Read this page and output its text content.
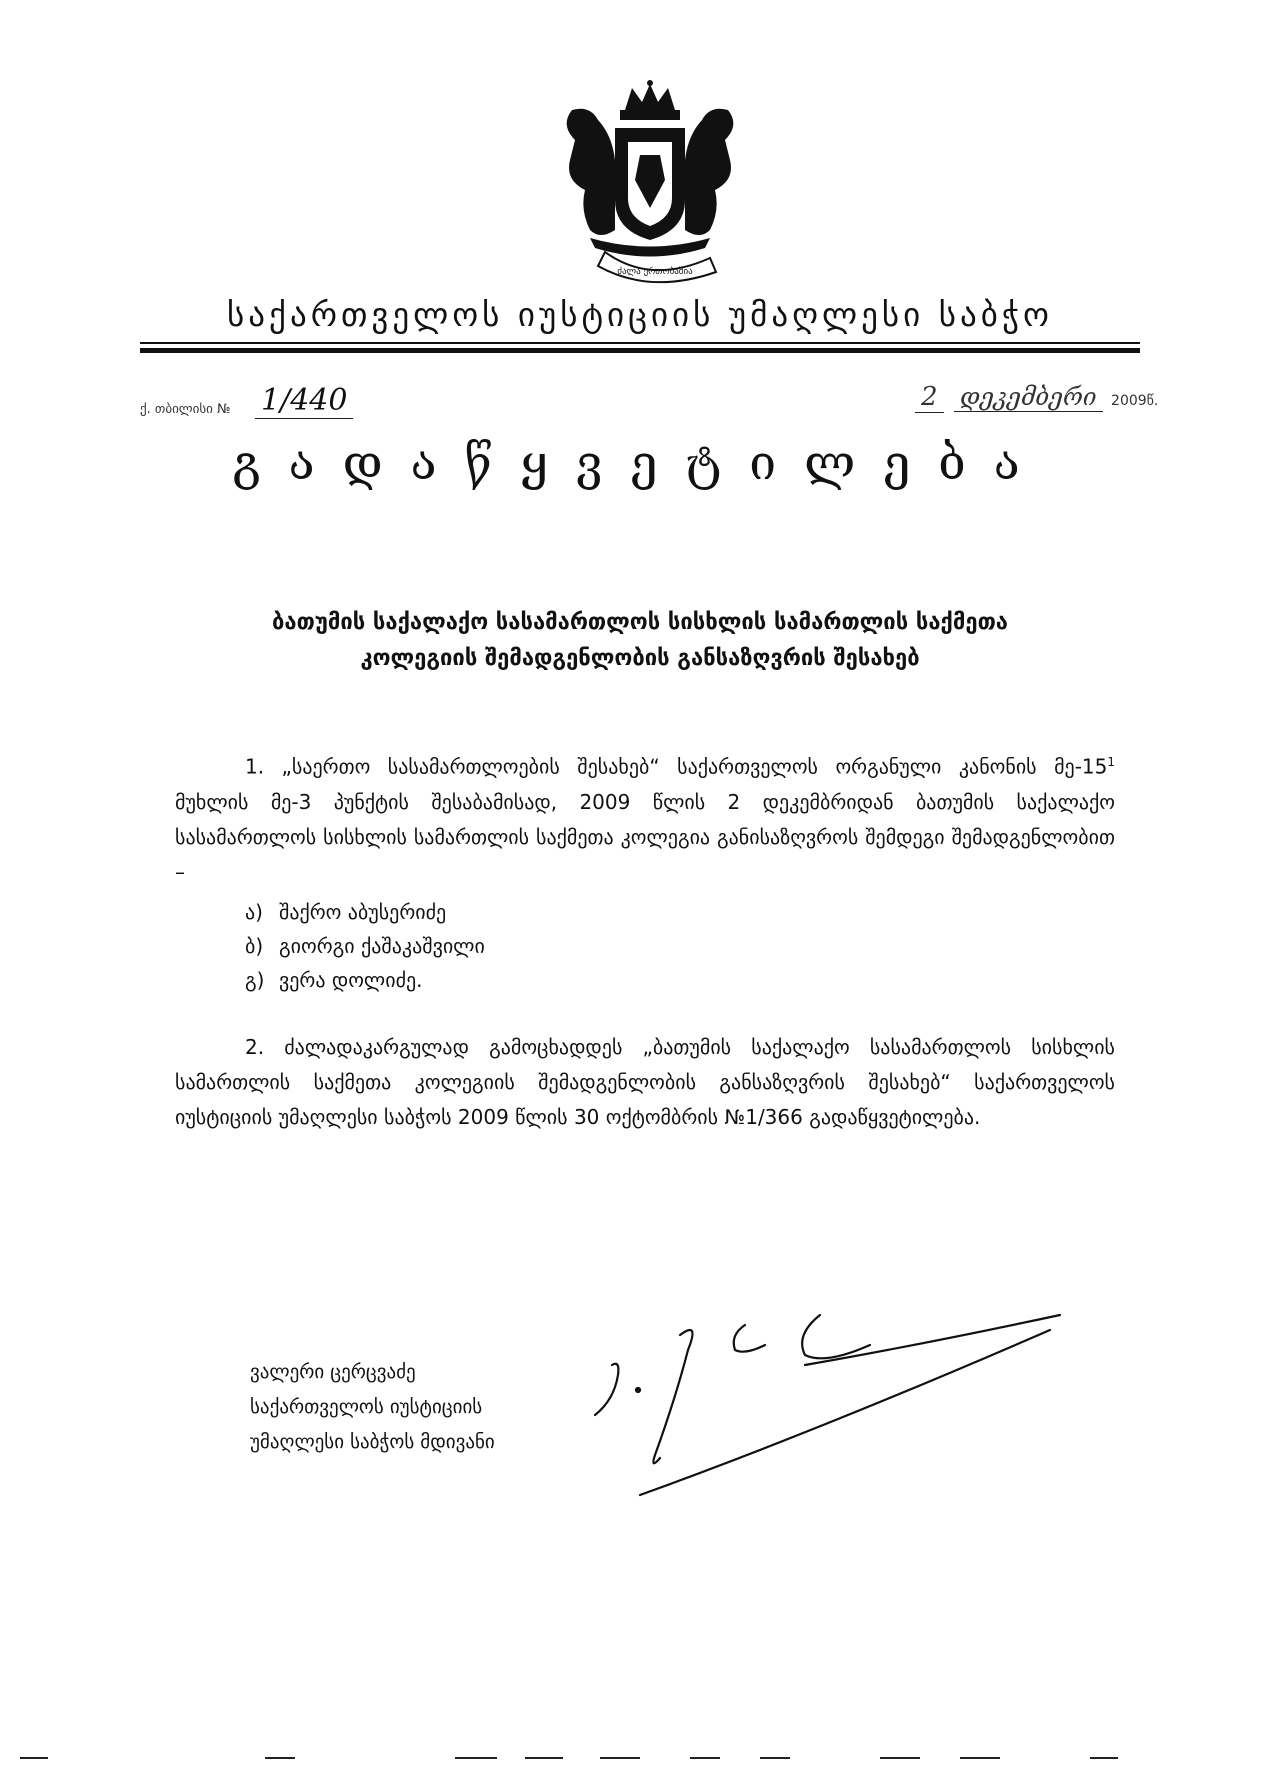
ძალა ერთობაშია
საქართველოს იუსტიციის უმაღლესი საბჭო
ქ. თბილისი № 1/440	2 დეკემბერი 2009წ.
გადაწყვეტილება
ბათუმის საქალაქო სასამართლოს სისხლის სამართლის საქმეთა
კოლეგიის შემადგენლობის განსაზღვრის შესახებ
1. „საერთო სასამართლოების შესახებ“ საქართველოს ორგანული კანონის $მე-15^1$ მუხლის მე-3 პუნქტის შესაბამისად, 2009 წლის 2 დეკემბრიდან ბათუმის საქალაქო სასამართლოს სისხლის სამართლის საქმეთა კოლეგია განისაზღვროს შემდეგი შემადგენლობით –
ა) შაქრო აბუსერიძე
ბ) გიორგი ქაშაკაშვილი
გ) ვერა დოლიძე.
2. ძალადაკარგულად გამოცხადდეს „ბათუმის საქალაქო სასამართლოს სისხლის სამართლის საქმეთა კოლეგიის შემადგენლობის განსაზღვრის შესახებ“ საქართველოს იუსტიციის უმაღლესი საბჭოს 2009 წლის 30 ოქტომბრის №1/366 გადაწყვეტილება.
ვალერი ცერცვაძე
საქართველოს იუსტიციის
უმაღლესი საბჭოს მდივანი
